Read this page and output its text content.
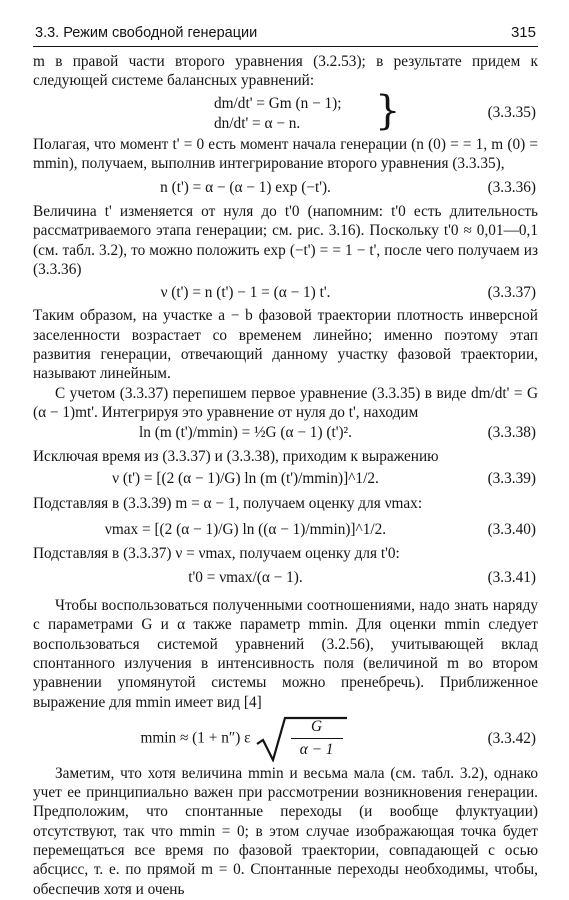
3.3. Режим свободной генерации	315

m в правой части второго уравнения (3.2.53); в результате придем к следующей системе балансных уравнений:

dm/dt' = Gm (n − 1);
dn/dt' = α − n.	}	(3.3.35)

Полагая, что момент t' = 0 есть момент начала генерации (n (0) = = 1, m (0) = mmin), получаем, выполнив интегрирование второго уравнения (3.3.35),

n (t') = α − (α − 1) exp (−t').	(3.3.36)

Величина t' изменяется от нуля до t'0 (напомним: t'0 есть длительность рассматриваемого этапа генерации; см. рис. 3.16). Поскольку t'0 ≈ 0,01—0,1 (см. табл. 3.2), то можно положить exp (−t') = = 1 − t', после чего получаем из (3.3.36)

ν (t') = n (t') − 1 = (α − 1) t'.	(3.3.37)

Таким образом, на участке a − b фазовой траектории плотность инверсной заселенности возрастает со временем линейно; именно поэтому этап развития генерации, отвечающий данному участку фазовой траектории, называют линейным.

С учетом (3.3.37) перепишем первое уравнение (3.3.35) в виде dm/dt' = G (α − 1)mt'. Интегрируя это уравнение от нуля до t', находим

ln (m (t')/mmin) = ½G (α − 1) (t')².	(3.3.38)

Исключая время из (3.3.37) и (3.3.38), приходим к выражению

ν (t') = [(2 (α − 1)/G) ln (m (t')/mmin)]^1/2.	(3.3.39)

Подставляя в (3.3.39) m = α − 1, получаем оценку для νmax:

νmax = [(2 (α − 1)/G) ln ((α − 1)/mmin)]^1/2.	(3.3.40)

Подставляя в (3.3.37) ν = νmax, получаем оценку для t'0:

t'0 = νmax/(α − 1).	(3.3.41)

Чтобы воспользоваться полученными соотношениями, надо знать наряду с параметрами G и α также параметр mmin. Для оценки mmin следует воспользоваться системой уравнений (3.2.56), учитывающей вклад спонтанного излучения в интенсивность поля (величиной m во втором уравнении упомянутой системы можно пренебречь). Приближенное выражение для mmin имеет вид [4]

mmin ≈ (1 + n″) ε
G
α − 1
(3.3.42)

Заметим, что хотя величина mmin и весьма мала (см. табл. 3.2), однако учет ее принципиально важен при рассмотрении возникновения генерации. Предположим, что спонтанные переходы (и вообще флуктуации) отсутствуют, так что mmin = 0; в этом случае изображающая точка будет перемещаться все время по фазовой траектории, совпадающей с осью абсцисс, т. е. по прямой m = 0. Спонтанные переходы необходимы, чтобы, обеспечив хотя и очень
